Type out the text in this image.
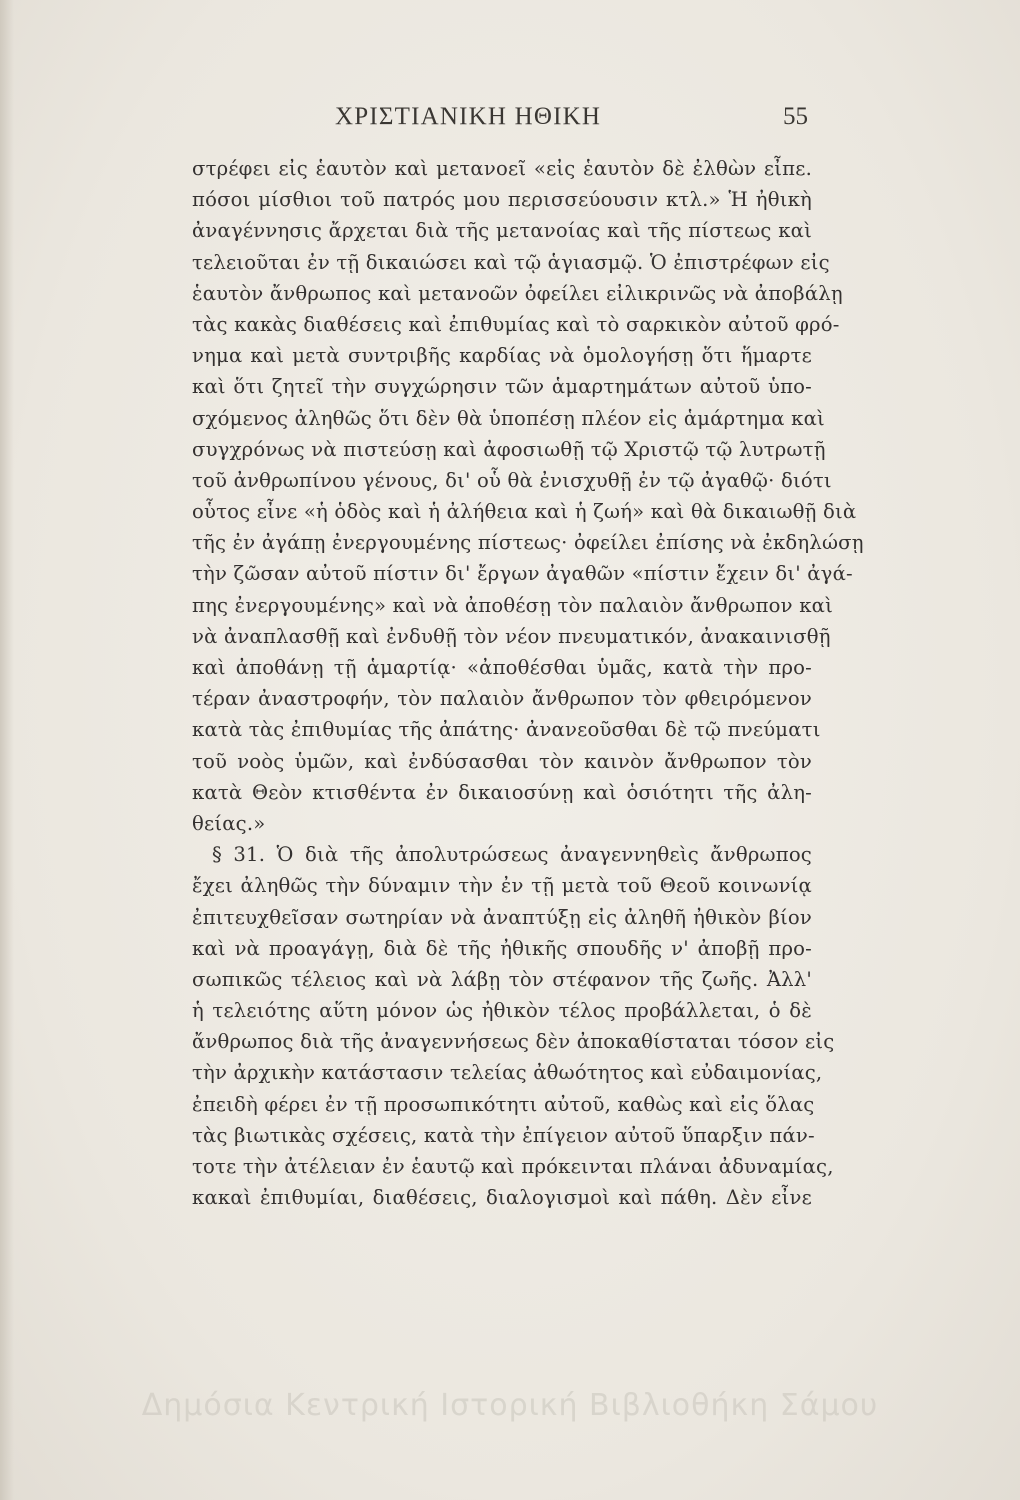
ΧΡΙΣΤΙΑΝΙΚΗ ΗΘΙΚΗ	55
στρέφει εἰς ἑαυτὸν καὶ μετανοεῖ «εἰς ἑαυτὸν δὲ ἐλθὼν εἶπε.
πόσοι μίσθιοι τοῦ πατρός μου περισσεύουσιν κτλ.» Ἡ ἠθικὴ
ἀναγέννησις ἄρχεται διὰ τῆς μετανοίας καὶ τῆς πίστεως καὶ
τελειοῦται ἐν τῇ δικαιώσει καὶ τῷ ἁγιασμῷ. Ὁ ἐπιστρέφων εἰς
ἑαυτὸν ἄνθρωπος καὶ μετανοῶν ὀφείλει εἰλικρινῶς νὰ ἀποβάλῃ
τὰς κακὰς διαθέσεις καὶ ἐπιθυμίας καὶ τὸ σαρκικὸν αὐτοῦ φρό-
νημα καὶ μετὰ συντριβῆς καρδίας νὰ ὁμολογήσῃ ὅτι ἥμαρτε
καὶ ὅτι ζητεῖ τὴν συγχώρησιν τῶν ἁμαρτημάτων αὐτοῦ ὑπο-
σχόμενος ἀληθῶς ὅτι δὲν θὰ ὑποπέσῃ πλέον εἰς ἁμάρτημα καὶ
συγχρόνως νὰ πιστεύσῃ καὶ ἀφοσιωθῇ τῷ Χριστῷ τῷ λυτρωτῇ
τοῦ ἀνθρωπίνου γένους, δι' οὗ θὰ ἐνισχυθῇ ἐν τῷ ἀγαθῷ· διότι
οὗτος εἶνε «ἡ ὁδὸς καὶ ἡ ἀλήθεια καὶ ἡ ζωή» καὶ θὰ δικαιωθῇ διὰ
τῆς ἐν ἀγάπῃ ἐνεργουμένης πίστεως· ὀφείλει ἐπίσης νὰ ἐκδηλώσῃ
τὴν ζῶσαν αὐτοῦ πίστιν δι' ἔργων ἀγαθῶν «πίστιν ἔχειν δι' ἀγά-
πης ἐνεργουμένης» καὶ νὰ ἀποθέσῃ τὸν παλαιὸν ἄνθρωπον καὶ
νὰ ἀναπλασθῇ καὶ ἐνδυθῇ τὸν νέον πνευματικόν, ἀνακαινισθῇ
καὶ ἀποθάνῃ τῇ ἁμαρτίᾳ· «ἀποθέσθαι ὑμᾶς, κατὰ τὴν προ-
τέραν ἀναστροφήν, τὸν παλαιὸν ἄνθρωπον τὸν φθειρόμενον
κατὰ τὰς ἐπιθυμίας τῆς ἀπάτης· ἀνανεοῦσθαι δὲ τῷ πνεύματι
τοῦ νοὸς ὑμῶν, καὶ ἐνδύσασθαι τὸν καινὸν ἄνθρωπον τὸν
κατὰ Θεὸν κτισθέντα ἐν δικαιοσύνῃ καὶ ὁσιότητι τῆς ἀλη-
θείας.»
§ 31. Ὁ διὰ τῆς ἀπολυτρώσεως ἀναγεννηθεὶς ἄνθρωπος
ἔχει ἀληθῶς τὴν δύναμιν τὴν ἐν τῇ μετὰ τοῦ Θεοῦ κοινωνίᾳ
ἐπιτευχθεῖσαν σωτηρίαν νὰ ἀναπτύξῃ εἰς ἀληθῆ ἠθικὸν βίον
καὶ νὰ προαγάγῃ, διὰ δὲ τῆς ἠθικῆς σπουδῆς ν' ἀποβῇ προ-
σωπικῶς τέλειος καὶ νὰ λάβῃ τὸν στέφανον τῆς ζωῆς. Ἀλλ'
ἡ τελειότης αὕτη μόνον ὡς ἠθικὸν τέλος προβάλλεται, ὁ δὲ
ἄνθρωπος διὰ τῆς ἀναγεννήσεως δὲν ἀποκαθίσταται τόσον εἰς
τὴν ἀρχικὴν κατάστασιν τελείας ἀθωότητος καὶ εὐδαιμονίας,
ἐπειδὴ φέρει ἐν τῇ προσωπικότητι αὐτοῦ, καθὼς καὶ εἰς ὅλας
τὰς βιωτικὰς σχέσεις, κατὰ τὴν ἐπίγειον αὐτοῦ ὕπαρξιν πάν-
τοτε τὴν ἀτέλειαν ἐν ἑαυτῷ καὶ πρόκεινται πλάναι ἀδυναμίας,
κακαὶ ἐπιθυμίαι, διαθέσεις, διαλογισμοὶ καὶ πάθη. Δὲν εἶνε
Δημόσια Κεντρική Ιστορική Βιβλιοθήκη Σάμου
